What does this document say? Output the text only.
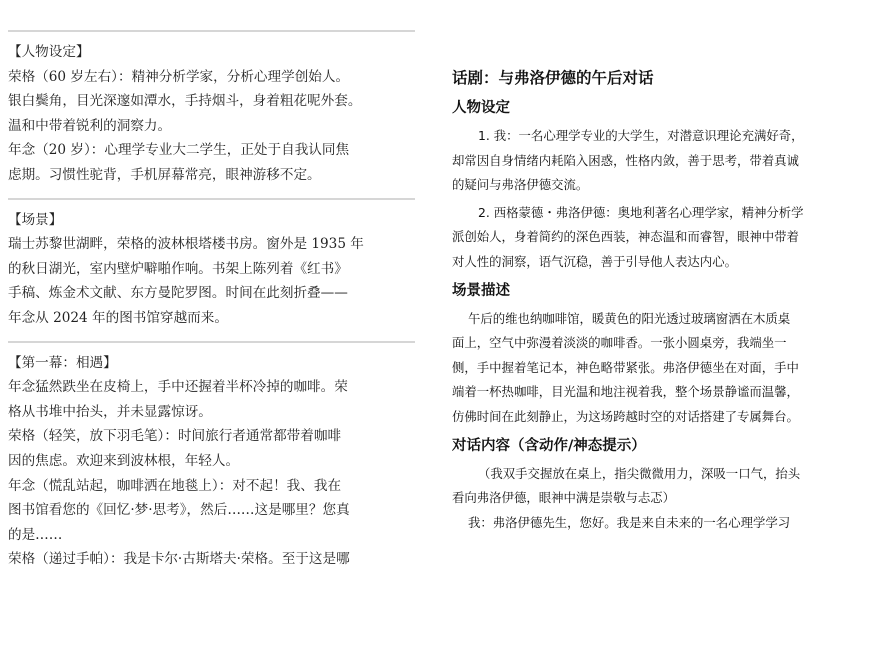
【人物设定】

荣格（60 岁左右）：精神分析学家，分析心理学创始人。

银白鬓角，目光深邃如潭水，手持烟斗，身着粗花呢外套。

温和中带着锐利的洞察力。

年念（20 岁）：心理学专业大二学生，正处于自我认同焦

虑期。习惯性驼背，手机屏幕常亮，眼神游移不定。

【场景】

瑞士苏黎世湖畔，荣格的波林根塔楼书房。窗外是 1935 年

的秋日湖光，室内壁炉噼啪作响。书架上陈列着《红书》

手稿、炼金术文献、东方曼陀罗图。时间在此刻折叠——

年念从 2024 年的图书馆穿越而来。

【第一幕：相遇】

年念猛然跌坐在皮椅上，手中还握着半杯冷掉的咖啡。荣

格从书堆中抬头，并未显露惊讶。

荣格（轻笑，放下羽毛笔）：时间旅行者通常都带着咖啡

因的焦虑。欢迎来到波林根，年轻人。

年念（慌乱站起，咖啡洒在地毯上）：对不起！我、我在

图书馆看您的《回忆·梦·思考》，然后……这是哪里？您真

的是……

荣格（递过手帕）：我是卡尔·古斯塔夫·荣格。至于这是哪

话剧：与弗洛伊德的午后对话
人物设定

1. 我：一名心理学专业的大学生，对潜意识理论充满好奇，

却常因自身情绪内耗陷入困惑，性格内敛，善于思考，带着真诚

的疑问与弗洛伊德交流。

2. 西格蒙德・弗洛伊德：奥地利著名心理学家，精神分析学

派创始人，身着简约的深色西装，神态温和而睿智，眼神中带着

对人性的洞察，语气沉稳，善于引导他人表达内心。

场景描述

午后的维也纳咖啡馆，暖黄色的阳光透过玻璃窗洒在木质桌

面上，空气中弥漫着淡淡的咖啡香。一张小圆桌旁，我端坐一

侧，手中握着笔记本，神色略带紧张。弗洛伊德坐在对面，手中

端着一杯热咖啡，目光温和地注视着我，整个场景静谧而温馨，

仿佛时间在此刻静止，为这场跨越时空的对话搭建了专属舞台。

对话内容（含动作/神态提示）

（我双手交握放在桌上，指尖微微用力，深吸一口气，抬头

看向弗洛伊德，眼神中满是崇敬与忐忑）

我：弗洛伊德先生，您好。我是来自未来的一名心理学学习
